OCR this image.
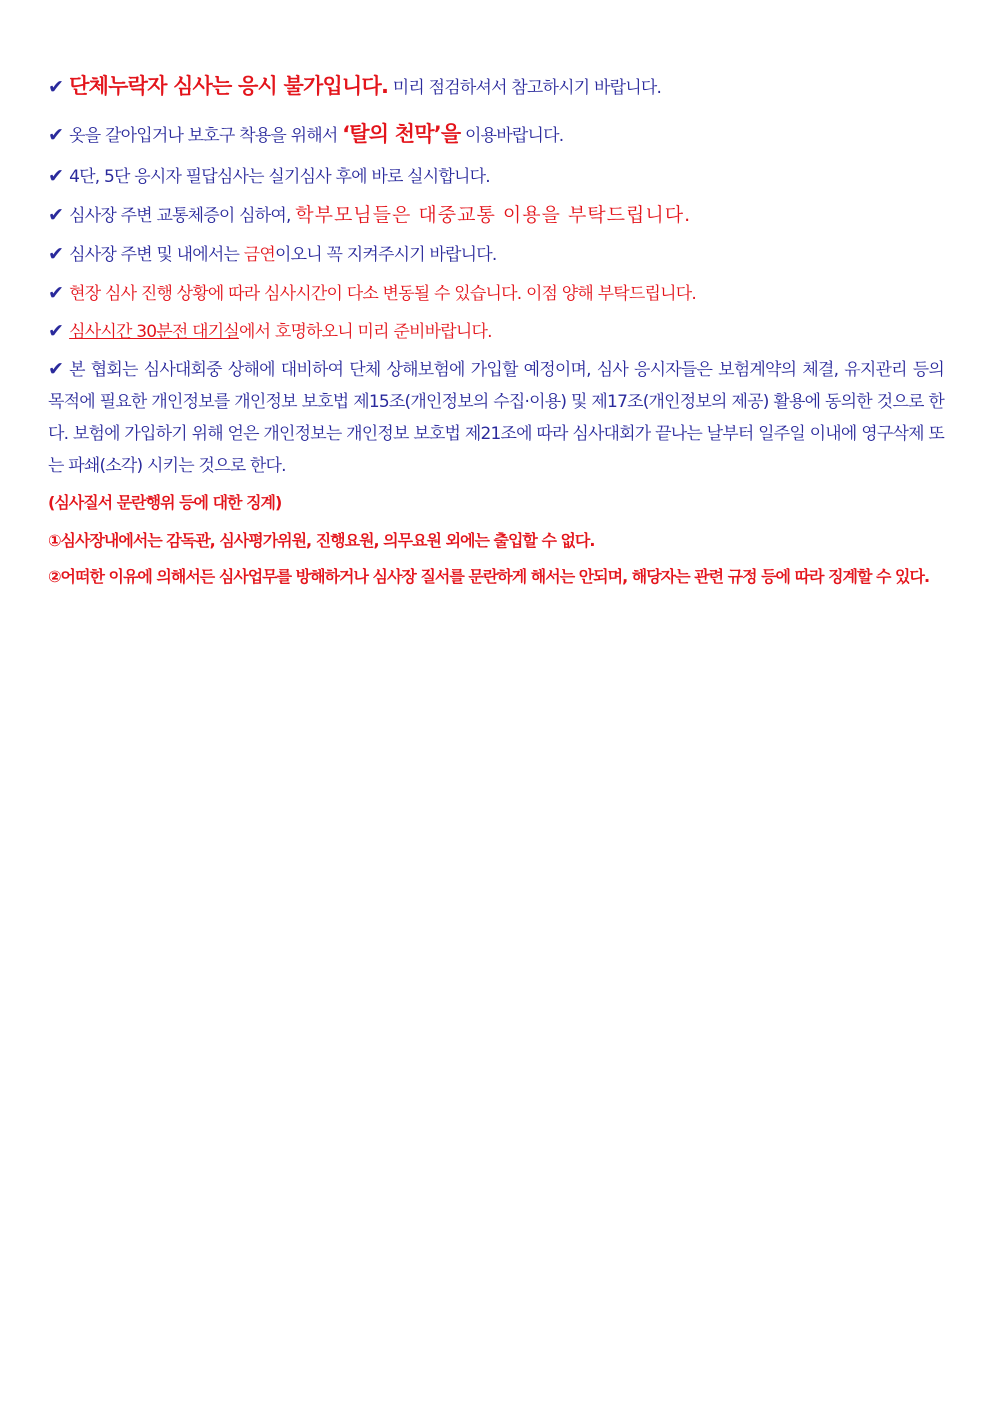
✔ 단체누락자 심사는 응시 불가입니다. 미리 점검하셔서 참고하시기 바랍니다.
✔ 옷을 갈아입거나 보호구 착용을 위해서 ‘탈의 천막’을 이용바랍니다.
✔ 4단, 5단 응시자 필답심사는 실기심사 후에 바로 실시합니다.
✔ 심사장 주변 교통체증이 심하여, 학부모님들은 대중교통 이용을 부탁드립니다.
✔ 심사장 주변 및 내에서는 금연이오니 꼭 지켜주시기 바랍니다.
✔ 현장 심사 진행 상황에 따라 심사시간이 다소 변동될 수 있습니다. 이점 양해 부탁드립니다.
✔ 심사시간 30분전 대기실에서 호명하오니 미리 준비바랍니다.
✔ 본 협회는 심사대회중 상해에 대비하여 단체 상해보험에 가입할 예정이며, 심사 응시자들은 보험계약의 체결, 유지관리 등의 목적에 필요한 개인정보를 개인정보 보호법 제15조(개인정보의 수집·이용) 및 제17조(개인정보의 제공) 활용에 동의한 것으로 한다. 보험에 가입하기 위해 얻은 개인정보는 개인정보 보호법 제21조에 따라 심사대회가 끝나는 날부터 일주일 이내에 영구삭제 또는 파쇄(소각) 시키는 것으로 한다.
(심사질서 문란행위 등에 대한 징계)
①심사장내에서는 감독관, 심사평가위원, 진행요원, 의무요원 외에는 출입할 수 없다.
②어떠한 이유에 의해서든 심사업무를 방해하거나 심사장 질서를 문란하게 해서는 안되며, 해당자는 관련 규정 등에 따라 징계할 수 있다.
